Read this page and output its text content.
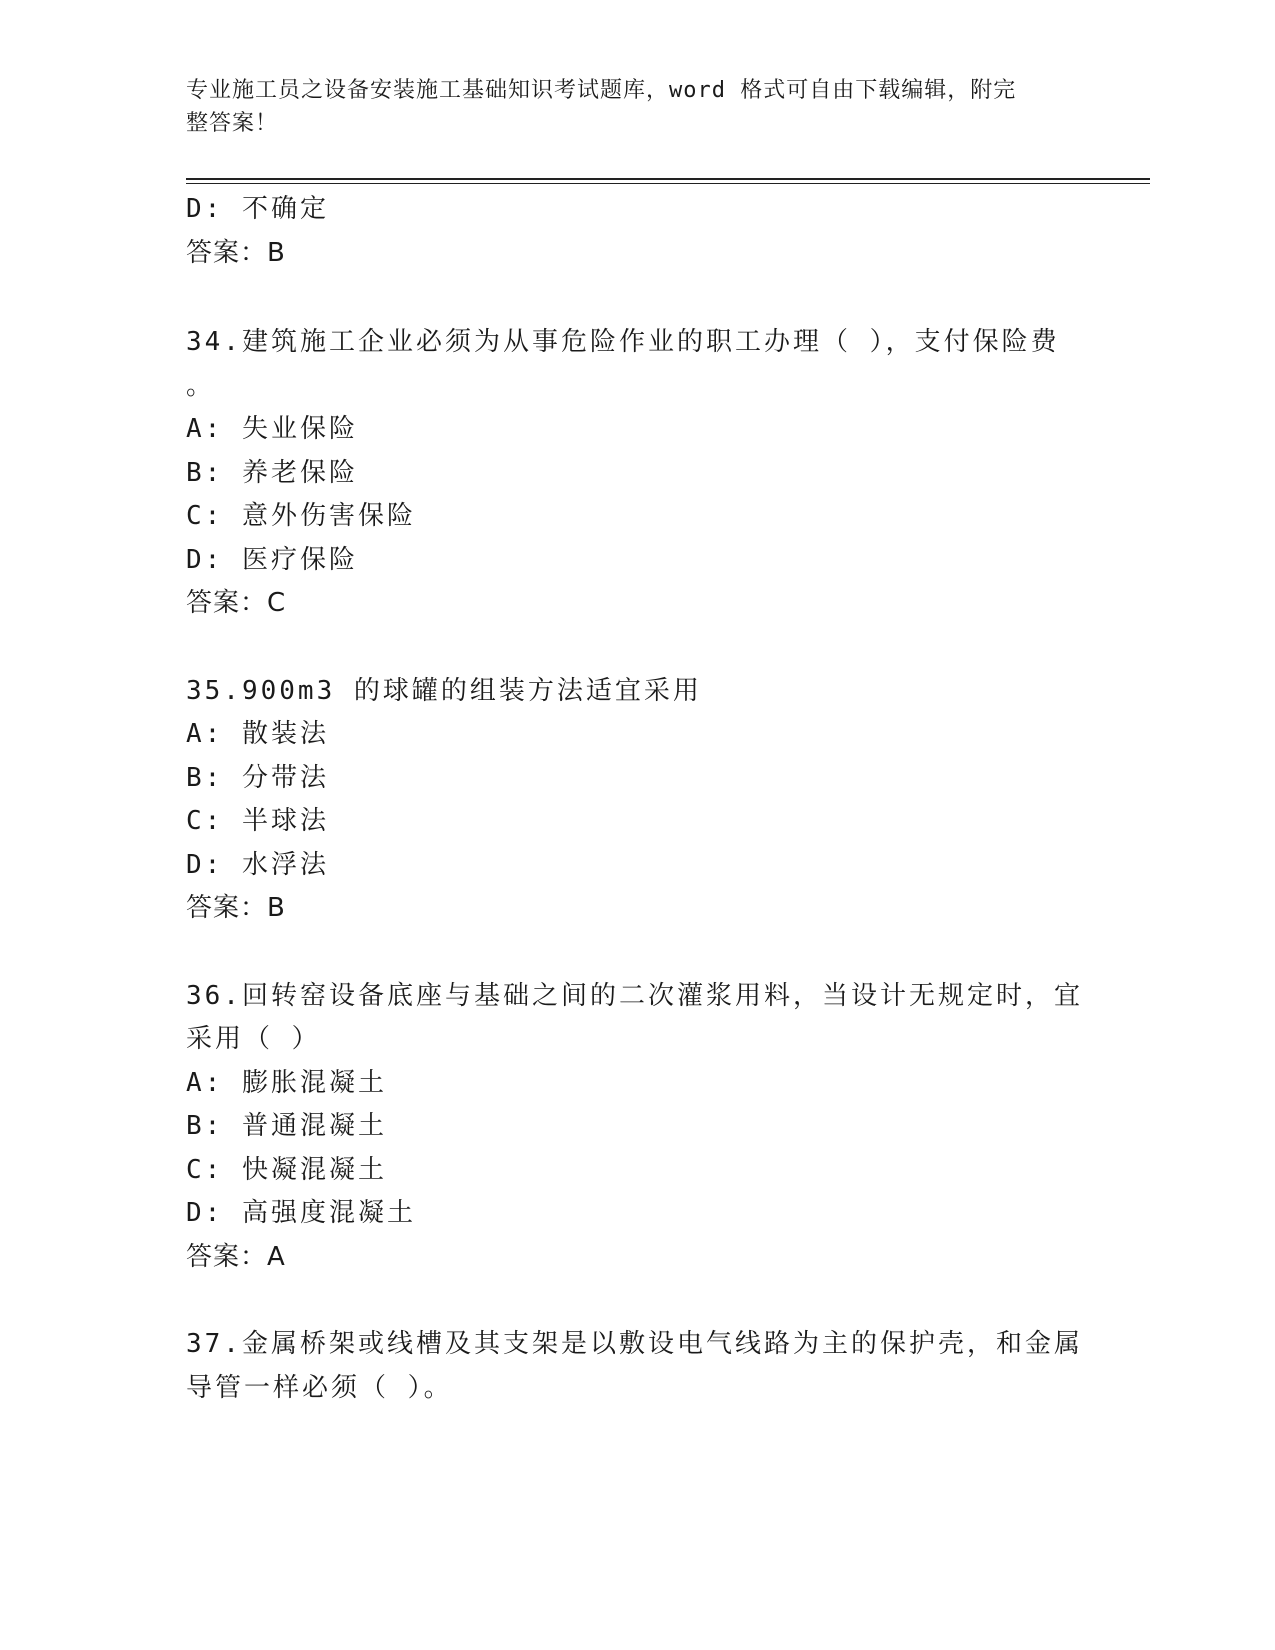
专业施工员之设备安装施工基础知识考试题库，word 格式可自由下载编辑，附完
整答案！
D: 不确定
答案：B
34.建筑施工企业必须为从事危险作业的职工办理（ ），支付保险费
。
A: 失业保险
B: 养老保险
C: 意外伤害保险
D: 医疗保险
答案：C
35.900m3 的球罐的组装方法适宜采用
A: 散装法
B: 分带法
C: 半球法
D: 水浮法
答案：B
36.回转窑设备底座与基础之间的二次灌浆用料，当设计无规定时，宜
采用（ ）
A: 膨胀混凝土
B: 普通混凝土
C: 快凝混凝土
D: 高强度混凝土
答案：A
37.金属桥架或线槽及其支架是以敷设电气线路为主的保护壳，和金属
导管一样必须（ ）。
